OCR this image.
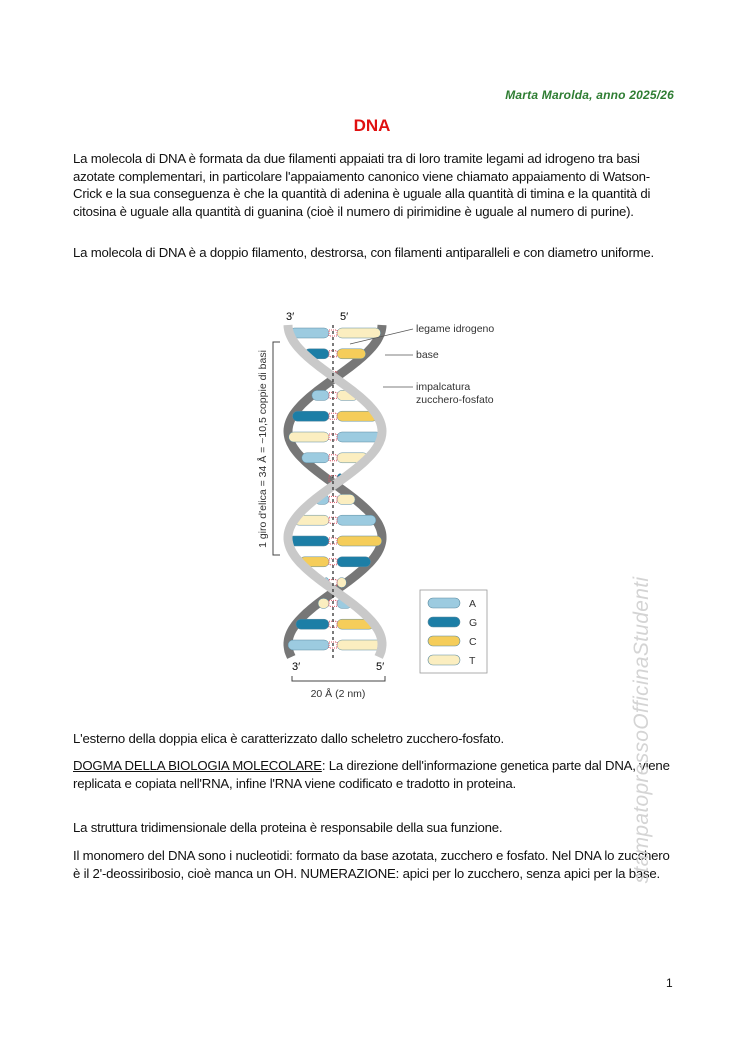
Marta Marolda, anno 2025/26
DNA
La molecola di DNA è formata da due filamenti appaiati tra di loro tramite legami ad idrogeno tra basi azotate complementari, in particolare l'appaiamento canonico viene chiamato appaiamento di Watson-Crick e la sua conseguenza è che la quantità di adenina è uguale alla quantità di timina e la quantità di citosina è uguale alla quantità di guanina (cioè il numero di pirimidine è uguale al numero di purine).
La molecola di DNA è a doppio filamento, destrorsa, con filamenti antiparalleli e con diametro uniforme.
3′	5′
3′	5′
legame idrogeno
base
impalcatura
zucchero-fosfato
1 giro d'elica = 34 Å = ~10,5 coppie di basi
20 Å (2 nm)
A
G
C
T
L'esterno della doppia elica è caratterizzato dallo scheletro zucchero-fosfato.
DOGMA DELLA BIOLOGIA MOLECOLARE: La direzione dell'informazione genetica parte dal DNA, viene replicata e copiata nell'RNA, infine l'RNA viene codificato e tradotto in proteina.
La struttura tridimensionale della proteina è responsabile della sua funzione.
Il monomero del DNA sono i nucleotidi: formato da base azotata, zucchero e fosfato. Nel DNA lo zucchero è il 2'-deossiribosio, cioè manca un OH. NUMERAZIONE: apici per lo zucchero, senza apici per la base.
stampatopressoOfficinaStudenti
1
